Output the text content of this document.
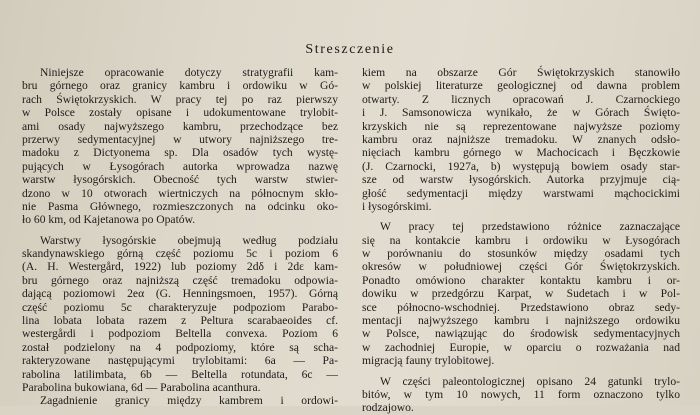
Streszczenie
Niniejsze opracowanie dotyczy stratygrafii kam-
bru górnego oraz granicy kambru i ordowiku w Gó-
rach Świętokrzyskich. W pracy tej po raz pierwszy
w Polsce zostały opisane i udokumentowane trylobit-
ami osady najwyższego kambru, przechodzące bez
przerwy sedymentacyjnej w utwory najniższego tre-
madoku z Dictyonema sp. Dla osadów tych wystę-
pujących w Łysogórach autorka wprowadza nazwę
warstw łysogórskich. Obecność tych warstw stwier-
dzono w 10 otworach wiertniczych na północnym skło-
nie Pasma Głównego, rozmieszczonych na odcinku oko-
ło 60 km, od Kajetanowa po Opatów.
Warstwy łysogórskie obejmują według podziału
skandynawskiego górną część poziomu 5c i poziom 6
(A. H. Westergård, 1922) lub poziomy 2dδ i 2dε kam-
bru górnego oraz najniższą część tremadoku odpowia-
dającą poziomowi 2eα (G. Henningsmoen, 1957). Górną
część poziomu 5c charakteryzuje podpoziom Parabo-
lina lobata lobata razem z Peltura scarabaeoides cf.
westergårdi i podpoziom Beltella convexa. Poziom 6
został podzielony na 4 podpoziomy, które są scha-
rakteryzowane następującymi trylobitami: 6a — Pa-
rabolina latilimbata, 6b — Beltella rotundata, 6c —
Parabolinа bukowiana, 6d — Parabolina acanthura.
Zagadnienie granicy między kambrem i ordowi-
kiem na obszarze Gór Świętokrzyskich stanowiło
w polskiej literaturze geologicznej od dawna problem
otwarty. Z licznych opracowań J. Czarnockiego
i J. Samsonowicza wynikało, że w Górach Święto-
krzyskich nie są reprezentowane najwyższe poziomy
kambru oraz najniższe tremadoku. W znanych odsło-
nięciach kambru górnego w Machocicach i Bęczkowie
(J. Czarnocki, 1927a, b) występują bowiem osady star-
sze od warstw łysogórskich. Autorka przyjmuje cią-
głość sedymentacji między warstwami mąchocickimi
i łysogórskimi.
W pracy tej przedstawiono różnice zaznaczające
się na kontakcie kambru i ordowiku w Łysogórach
w porównaniu do stosunków między osadami tych
okresów w południowej części Gór Świętokrzyskich.
Ponadto omówiono charakter kontaktu kambru i or-
dowiku w przedgórzu Karpat, w Sudetach i w Pol-
sce północno-wschodniej. Przedstawiono obraz sedy-
mentacji najwyższego kambru i najniższego ordowiku
w Polsce, nawiązując do środowisk sedymentacyjnych
w zachodniej Europie, w oparciu o rozważania nad
migracją fauny trylobitowej.
W części paleontologicznej opisano 24 gatunki trylo-
bitów, w tym 10 nowych, 11 form oznaczono tylko
rodzajowo.
